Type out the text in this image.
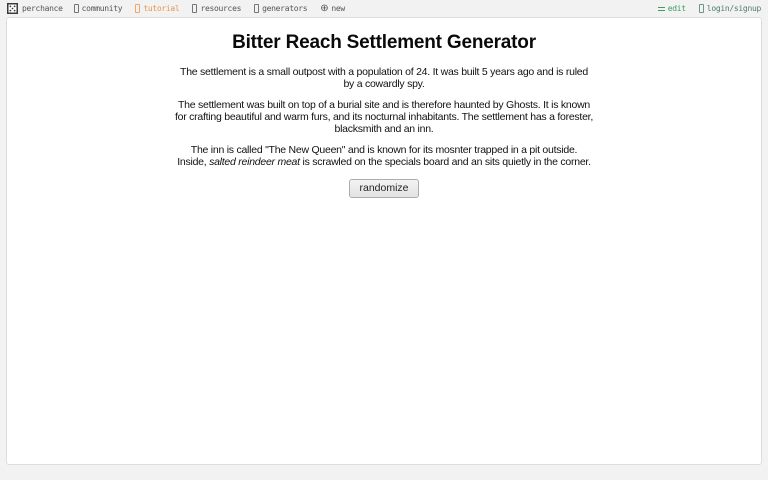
perchance community	tutorial	resources	generators ⊕ new	edit	login/signup
Bitter Reach Settlement Generator
The settlement is a small outpost with a population of 24. It was built 5 years ago and is ruled
by a cowardly spy.
The settlement was built on top of a burial site and is therefore haunted by Ghosts. It is known
for crafting beautiful and warm furs, and its nocturnal inhabitants. The settlement has a forester,
blacksmith and an inn.
The inn is called "The New Queen" and is known for its mosnter trapped in a pit outside.
Inside, salted reindeer meat is scrawled on the specials board and an sits quietly in the corner.
randomize
